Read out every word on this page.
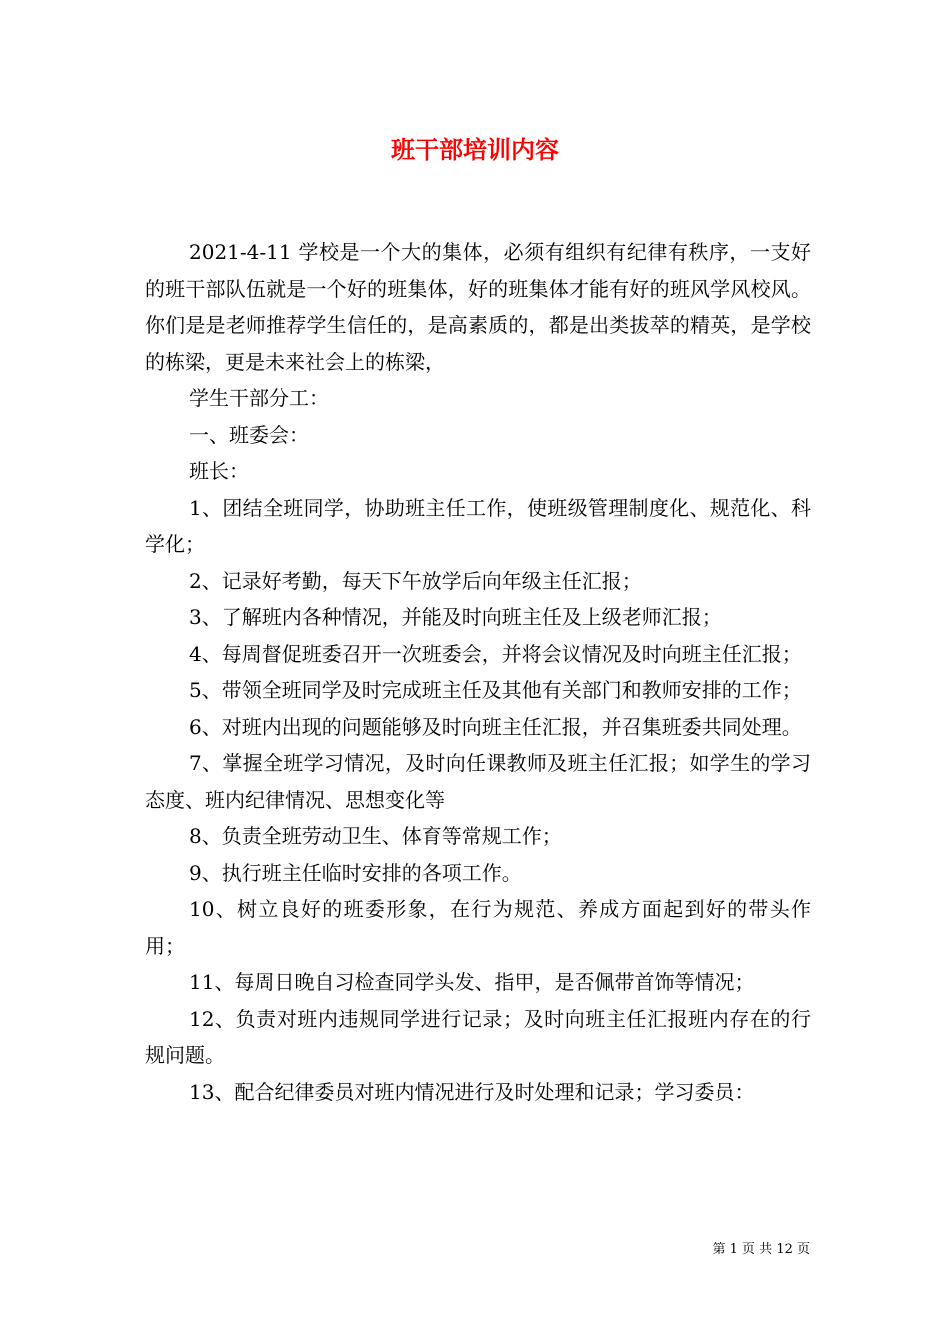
班干部培训内容

2021-4-11 学校是一个大的集体，必须有组织有纪律有秩序，一支好的班干部队伍就是一个好的班集体，好的班集体才能有好的班风学风校风。你们是是老师推荐学生信任的，是高素质的，都是出类拔萃的精英，是学校的栋梁，更是未来社会上的栋梁，

学生干部分工：

一、班委会：

班长：

1、团结全班同学，协助班主任工作，使班级管理制度化、规范化、科学化；

2、记录好考勤，每天下午放学后向年级主任汇报；

3、了解班内各种情况，并能及时向班主任及上级老师汇报；

4、每周督促班委召开一次班委会，并将会议情况及时向班主任汇报；

5、带领全班同学及时完成班主任及其他有关部门和教师安排的工作；

6、对班内出现的问题能够及时向班主任汇报，并召集班委共同处理。

7、掌握全班学习情况，及时向任课教师及班主任汇报；如学生的学习态度、班内纪律情况、思想变化等

8、负责全班劳动卫生、体育等常规工作；

9、执行班主任临时安排的各项工作。

10、树立良好的班委形象，在行为规范、养成方面起到好的带头作用；

11、每周日晚自习检查同学头发、指甲，是否佩带首饰等情况；

12、负责对班内违规同学进行记录；及时向班主任汇报班内存在的行规问题。

13、配合纪律委员对班内情况进行及时处理和记录；学习委员：

第 1 页 共 12 页
